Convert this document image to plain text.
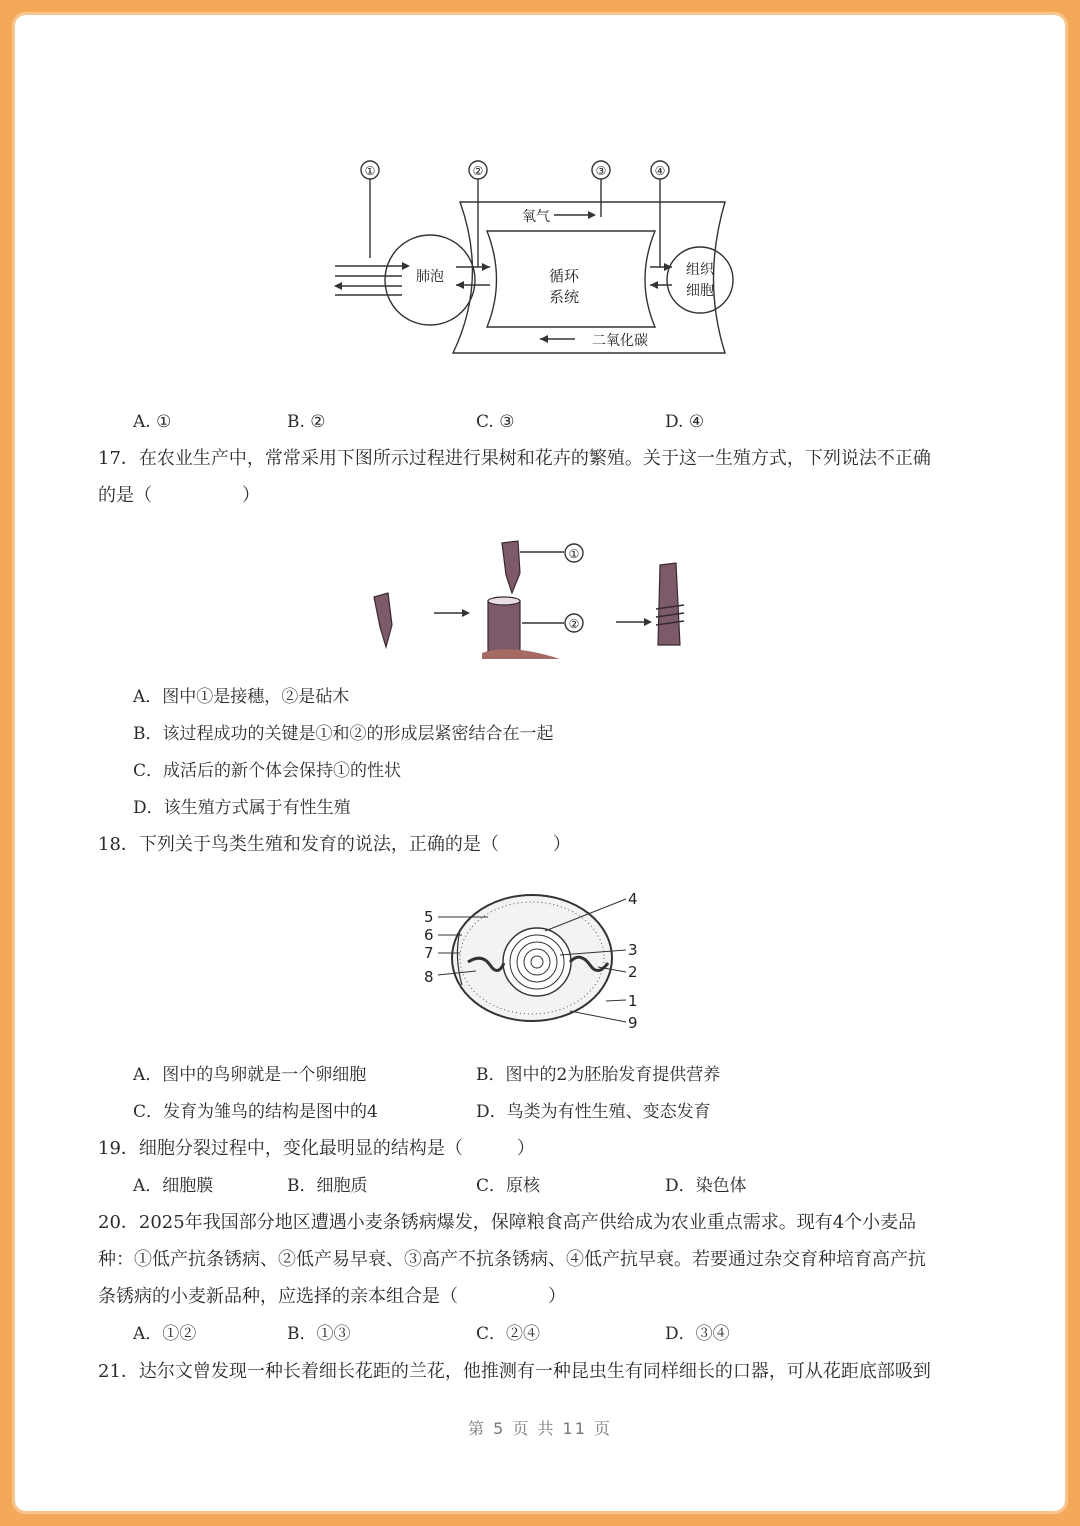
①	②	③	④
肺泡	循环
系统
组织
细胞
氧气
二氧化碳
A. ①	B. ②	C. ③	D. ④
17．在农业生产中，常常采用下图所示过程进行果树和花卉的繁殖。关于这一生殖方式，下列说法不正确
的是（　　　　　）
①
②
A．图中①是接穗，②是砧木
B．该过程成功的关键是①和②的形成层紧密结合在一起
C．成活后的新个体会保持①的性状
D．该生殖方式属于有性生殖
18．下列关于鸟类生殖和发育的说法，正确的是（　　　）
5
6
7
8
4
3
2
1
9
A．图中的鸟卵就是一个卵细胞	B．图中的2为胚胎发育提供营养
C．发育为雏鸟的结构是图中的4	D．鸟类为有性生殖、变态发育
19．细胞分裂过程中，变化最明显的结构是（　　　）
A．细胞膜	B．细胞质	C．原核	D．染色体
20．2025年我国部分地区遭遇小麦条锈病爆发，保障粮食高产供给成为农业重点需求。现有4个小麦品
种：①低产抗条锈病、②低产易早衰、③高产不抗条锈病、④低产抗早衰。若要通过杂交育种培育高产抗
条锈病的小麦新品种，应选择的亲本组合是（　　　　　）
A．①②	B．①③	C．②④	D．③④
21．达尔文曾发现一种长着细长花距的兰花，他推测有一种昆虫生有同样细长的口器，可从花距底部吸到
第 5 页 共 11 页
